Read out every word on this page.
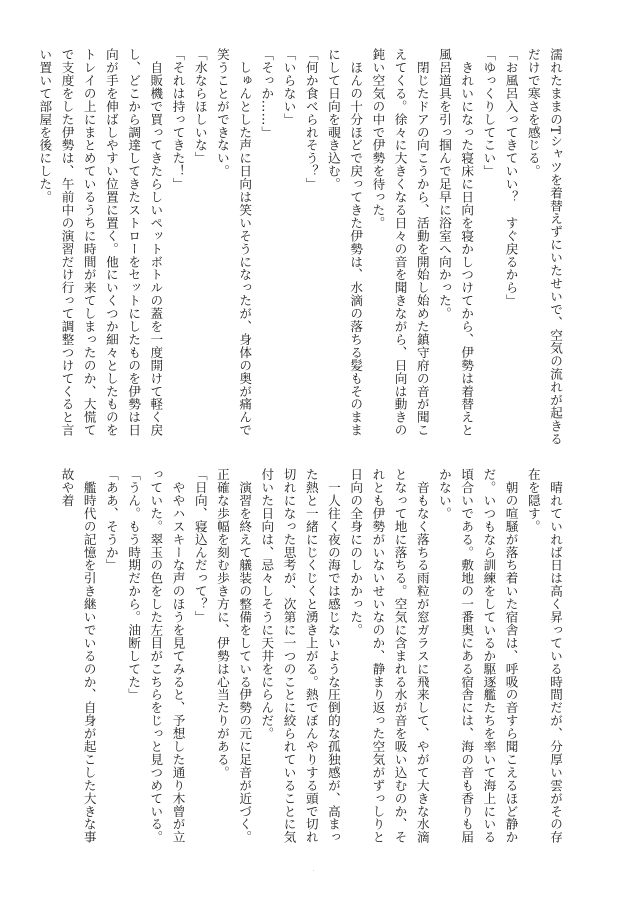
濡れたままのTシャツを着替えずにいたせいで、空気の流れが起きるだけで寒さを感じる。

「お風呂入ってきていい？　すぐ戻るから」

「ゆっくりしてこい」

　きれいになった寝床に日向を寝かしつけてから、伊勢は着替えと風呂道具を引っ掴んで足早に浴室へ向かった。

　閉じたドアの向こうから、活動を開始し始めた鎮守府の音が聞こえてくる。徐々に大きくなる日々の音を聞きながら、日向は動きの鈍い空気の中で伊勢を待った。

　ほんの十分ほどで戻ってきた伊勢は、水滴の落ちる髪もそのままにして日向を覗き込む。

「何か食べられそう？」

「いらない」

「そっか……」

　しゅんとした声に日向は笑いそうになったが、身体の奥が痛んで笑うことができない。

「水ならほしいな」

「それは持ってきた！」

　自販機で買ってきたらしいペットボトルの蓋を一度開けて軽く戻し、どこから調達してきたストローをセットにしたものを伊勢は日向が手を伸ばしやすい位置に置く。他にいくつか細々としたものをトレイの上にまとめているうちに時間が来てしまったのか、大慌てで支度をした伊勢は、午前中の演習だけ行って調整つけてくると言い置いて部屋を後にした。

　晴れていれば日は高く昇っている時間だが、分厚い雲がその存在を隠す。

　朝の喧騒が落ち着いた宿舎は、呼吸の音すら聞こえるほど静かだ。いつもなら訓練をしているか駆逐艦たちを率いて海上にいる頃合いである。敷地の一番奥にある宿舎には、海の音も香りも届かない。

　音もなく落ちる雨粒が窓ガラスに飛来して、やがて大きな水滴となって地に落ちる。空気に含まれる水が音を吸い込むのか、それとも伊勢がいないせいなのか、静まり返った空気がずっしりと日向の全身にのしかかった。

　一人往く夜の海では感じないような圧倒的な孤独感が、高まった熱と一緒にじくじくと湧き上がる。熱でぼんやりする頭で切れ切れになった思考が、次第に一つのことに絞られていることに気付いた日向は、忌々しそうに天井をにらんだ。

　演習を終えて艤装の整備をしている伊勢の元に足音が近づく。正確な歩幅を刻む歩き方に、伊勢は心当たりがある。

「日向、寝込んだって？」

　ややハスキーな声のほうを見てみると、予想した通り木曾が立っていた。翠玉の色をした左目がこちらをじっと見つめている。

「うん。もう時期だから。油断してた」

「ああ、そうか」

　艦時代の記憶を引き継いでいるのか、自身が起こした大きな事故や着

٠
